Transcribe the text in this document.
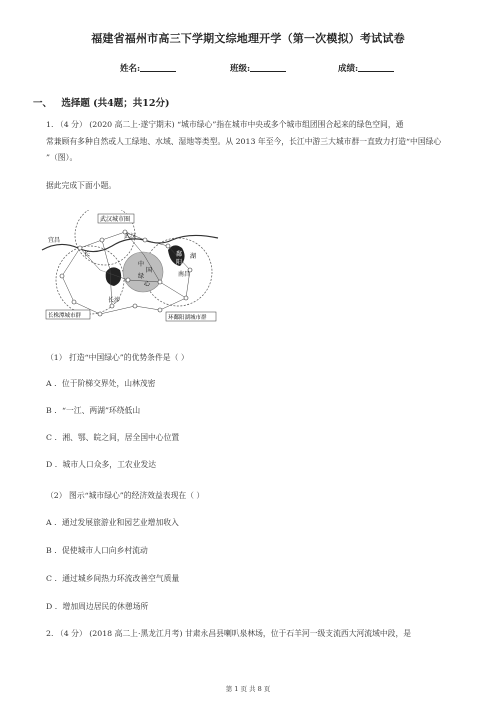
福建省福州市高三下学期文综地理开学（第一次模拟）考试试卷
姓名:	班级:	成绩:
一、 选择题 (共4题；共12分)
1. （4 分） (2020 高二上·遂宁期末) “城市绿心”指在城市中央或多个城市组团围合起来的绿色空间，通
常兼顾有多种自然或人工绿地、水域、湿地等类型。从 2013 年至今，长江中游三大城市群一直致力打造“中国绿心
”（图）。
据此完成下面小题。
武汉城市圈
宜昌
长
武汉
中
国
绿
心
鄱
阳
湖
南昌
长沙
洞
庭
长株潭城市群	环鄱阳湖城市群
（1） 打造“中国绿心”的优势条件是（ ）
A ．位于阶梯交界处，山林茂密
B ．“一江、两湖”环绕低山
C ．湘、鄂、皖之间，居全国中心位置
D ．城市人口众多，工农业发达
（2） 图示“城市绿心”的经济效益表现在（ ）
A ．通过发展旅游业和园艺业增加收入
B ．促使城市人口向乡村流动
C ．通过城乡间热力环流改善空气质量
D ．增加周边居民的休憩场所
2. （4 分） (2018 高二上·黑龙江月考) 甘肃永昌县喇叭泉林场，位于石羊河一级支流西大河流域中段，是
第 1 页 共 8 页
